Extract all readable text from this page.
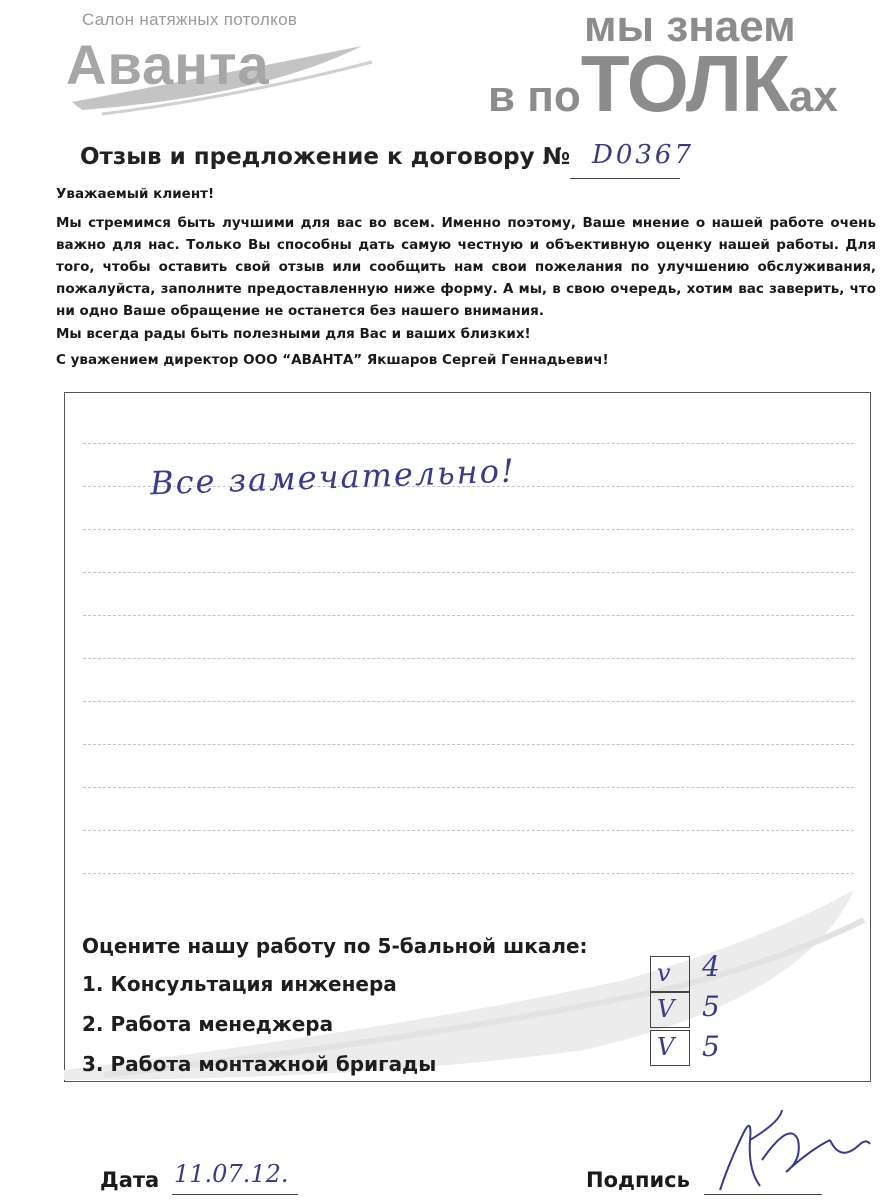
Салон натяжных потолков
Аванта
мы знаем
в поТОЛКах
Отзыв и предложение к договору № D0367
Уважаемый клиент!

Мы стремимся быть лучшими для вас во всем. Именно поэтому, Ваше мнение о нашей работе очень важно для нас. Только Вы способны дать самую честную и объективную оценку нашей работы. Для того, чтобы оставить свой отзыв или сообщить нам свои пожелания по улучшению обслуживания, пожалуйста, заполните предоставленную ниже форму. А мы, в свою очередь, хотим вас заверить, что ни одно Ваше обращение не останется без нашего внимания.

Мы всегда рады быть полезными для Вас и ваших близких!
С уважением директор ООО “АВАНТА” Якшаров Сергей Геннадьевич!
Все замечательно!
Оцените нашу работу по 5-бальной шкале:
1. Консультация инженера	v 4
2. Работа менеджера
V 5
3. Работа монтажной бригады
V 5
Дата 11.07.12.	Подпись
